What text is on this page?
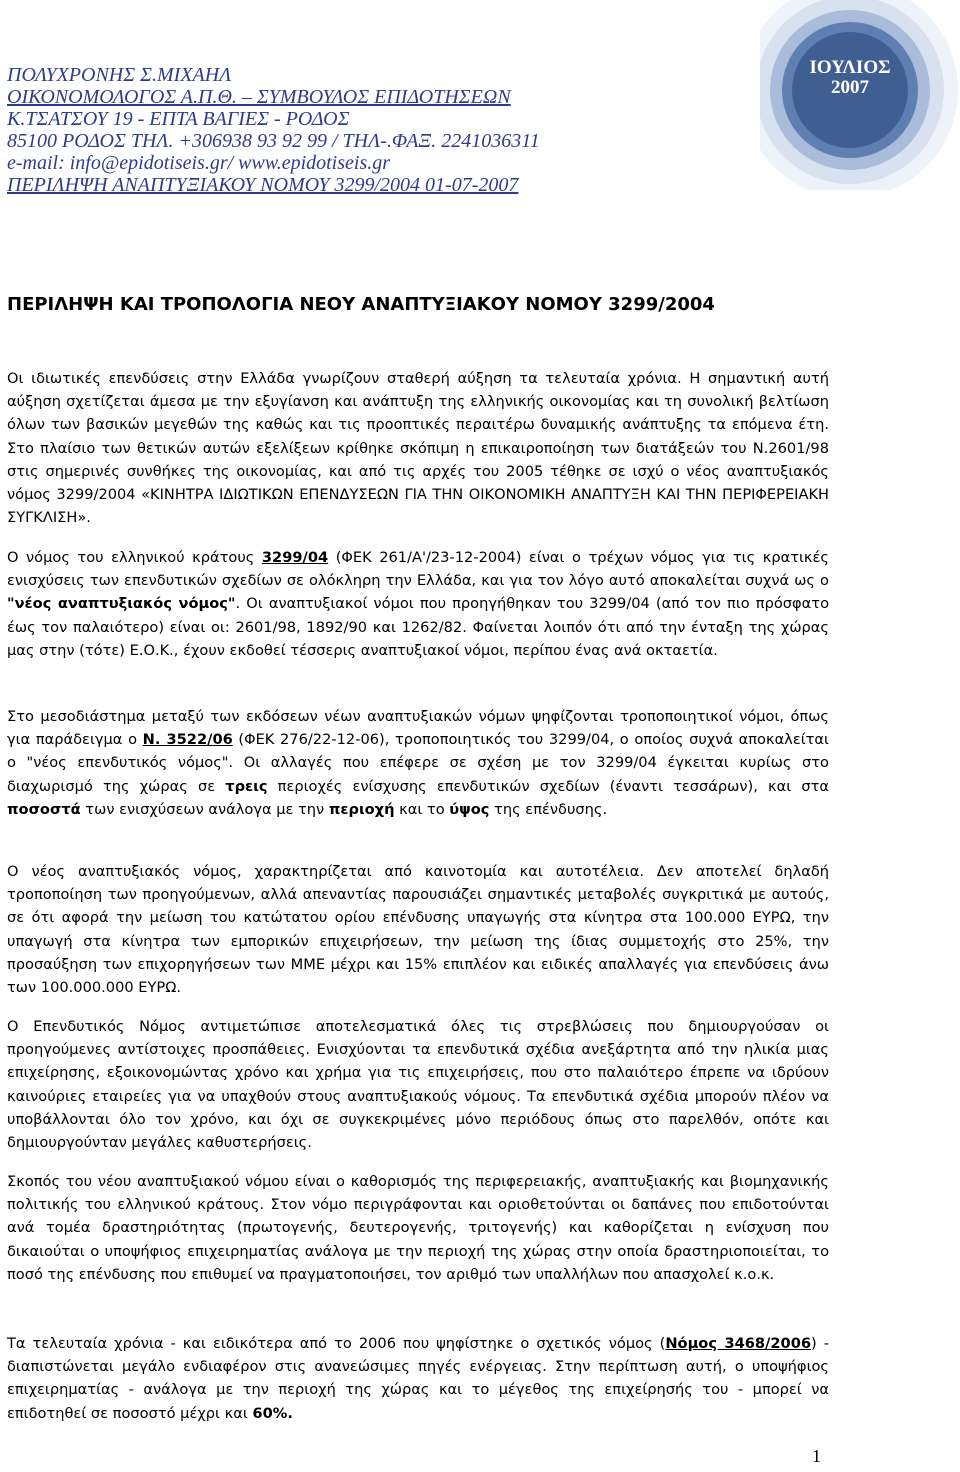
ΠΟΛΥΧΡΟΝΗΣ Σ.ΜΙΧΑΗΛ
ΟΙΚΟΝΟΜΟΛΟΓΟΣ Α.Π.Θ. – ΣΥΜΒΟΥΛΟΣ ΕΠΙΔΟΤΗΣΕΩΝ
Κ.ΤΣΑΤΣΟΥ 19 - ΕΠΤΑ ΒΑΓΙΕΣ - ΡΟΔΟΣ
85100 ΡΟΔΟΣ ΤΗΛ. +306938 93 92 99 / ΤΗΛ-.ΦΑΞ. 2241036311
e-mail: info@epidotiseis.gr/ www.epidotiseis.gr
ΠΕΡΙΛΗΨΗ ΑΝΑΠΤΥΞΙΑΚΟΥ ΝΟΜΟΥ 3299/2004 01-07-2007
ΙΟΥΛΙΟΣ
2007
ΠΕΡΙΛΗΨΗ ΚΑΙ ΤΡΟΠΟΛΟΓΙΑ ΝΕΟΥ ΑΝΑΠΤΥΞΙΑΚΟΥ ΝΟΜΟΥ 3299/2004

Οι ιδιωτικές επενδύσεις στην Ελλάδα γνωρίζουν σταθερή αύξηση τα τελευταία χρόνια. Η σημαντική αυτή αύξηση σχετίζεται άμεσα με την εξυγίανση και ανάπτυξη της ελληνικής οικονομίας και τη συνολική βελτίωση όλων των βασικών μεγεθών της καθώς και τις προοπτικές περαιτέρω δυναμικής ανάπτυξης τα επόμενα έτη. Στο πλαίσιο των θετικών αυτών εξελίξεων κρίθηκε σκόπιμη η επικαιροποίηση των διατάξεών του Ν.2601/98 στις σημερινές συνθήκες της οικονομίας, και από τις αρχές του 2005 τέθηκε σε ισχύ ο νέος αναπτυξιακός νόμος 3299/2004 «ΚΙΝΗΤΡΑ ΙΔΙΩΤΙΚΩΝ ΕΠΕΝΔΥΣΕΩΝ ΓΙΑ ΤΗΝ ΟΙΚΟΝΟΜΙΚΗ ΑΝΑΠΤΥΞΗ ΚΑΙ ΤΗΝ ΠΕΡΙΦΕΡΕΙΑΚΗ ΣΥΓΚΛΙΣΗ».

Ο νόμος του ελληνικού κράτους 3299/04 (ΦΕΚ 261/Α'/23-12-2004) είναι ο τρέχων νόμος για τις κρατικές ενισχύσεις των επενδυτικών σχεδίων σε ολόκληρη την Ελλάδα, και για τον λόγο αυτό αποκαλείται συχνά ως ο "νέος αναπτυξιακός νόμος". Οι αναπτυξιακοί νόμοι που προηγήθηκαν του 3299/04 (από τον πιο πρόσφατο έως τον παλαιότερο) είναι οι: 2601/98, 1892/90 και 1262/82. Φαίνεται λοιπόν ότι από την ένταξη της χώρας μας στην (τότε) Ε.Ο.Κ., έχουν εκδοθεί τέσσερις αναπτυξιακοί νόμοι, περίπου ένας ανά οκταετία.

Στο μεσοδιάστημα μεταξύ των εκδόσεων νέων αναπτυξιακών νόμων ψηφίζονται τροποποιητικοί νόμοι, όπως για παράδειγμα ο Ν. 3522/06 (ΦΕΚ 276/22-12-06), τροποποιητικός του 3299/04, ο οποίος συχνά αποκαλείται ο "νέος επενδυτικός νόμος". Οι αλλαγές που επέφερε σε σχέση με τον 3299/04 έγκειται κυρίως στο διαχωρισμό της χώρας σε τρεις περιοχές ενίσχυσης επενδυτικών σχεδίων (έναντι τεσσάρων), και στα ποσοστά των ενισχύσεων ανάλογα με την περιοχή και το ύψος της επένδυσης.

Ο νέος αναπτυξιακός νόμος, χαρακτηρίζεται από καινοτομία και αυτοτέλεια. Δεν αποτελεί δηλαδή τροποποίηση των προηγούμενων, αλλά απεναντίας παρουσιάζει σημαντικές μεταβολές συγκριτικά με αυτούς, σε ότι αφορά την μείωση του κατώτατου ορίου επένδυσης υπαγωγής στα κίνητρα στα 100.000 ΕΥΡΩ, την υπαγωγή στα κίνητρα των εμπορικών επιχειρήσεων, την μείωση της ίδιας συμμετοχής στο 25%, την προσαύξηση των επιχορηγήσεων των ΜΜΕ μέχρι και 15% επιπλέον και ειδικές απαλλαγές για επενδύσεις άνω των 100.000.000 ΕΥΡΩ.

Ο Επενδυτικός Νόμος αντιμετώπισε αποτελεσματικά όλες τις στρεβλώσεις που δημιουργούσαν οι προηγούμενες αντίστοιχες προσπάθειες. Ενισχύονται τα επενδυτικά σχέδια ανεξάρτητα από την ηλικία μιας επιχείρησης, εξοικονομώντας χρόνο και χρήμα για τις επιχειρήσεις, που στο παλαιότερο έπρεπε να ιδρύουν καινούριες εταιρείες για να υπαχθούν στους αναπτυξιακούς νόμους. Τα επενδυτικά σχέδια μπορούν πλέον να υποβάλλονται όλο τον χρόνο, και όχι σε συγκεκριμένες μόνο περιόδους όπως στο παρελθόν, οπότε και δημιουργούνταν μεγάλες καθυστερήσεις.

Σκοπός του νέου αναπτυξιακού νόμου είναι ο καθορισμός της περιφερειακής, αναπτυξιακής και βιομηχανικής πολιτικής του ελληνικού κράτους. Στον νόμο περιγράφονται και οριοθετούνται οι δαπάνες που επιδοτούνται ανά τομέα δραστηριότητας (πρωτογενής, δευτερογενής, τριτογενής) και καθορίζεται η ενίσχυση που δικαιούται ο υποψήφιος επιχειρηματίας ανάλογα με την περιοχή της χώρας στην οποία δραστηριοποιείται, το ποσό της επένδυσης που επιθυμεί να πραγματοποιήσει, τον αριθμό των υπαλλήλων που απασχολεί κ.ο.κ.

Τα τελευταία χρόνια - και ειδικότερα από το 2006 που ψηφίστηκε ο σχετικός νόμος (Νόμος 3468/2006) - διαπιστώνεται μεγάλο ενδιαφέρον στις ανανεώσιμες πηγές ενέργειας. Στην περίπτωση αυτή, ο υποψήφιος επιχειρηματίας - ανάλογα με την περιοχή της χώρας και το μέγεθος της επιχείρησής του - μπορεί να επιδοτηθεί σε ποσοστό μέχρι και 60%.

1
